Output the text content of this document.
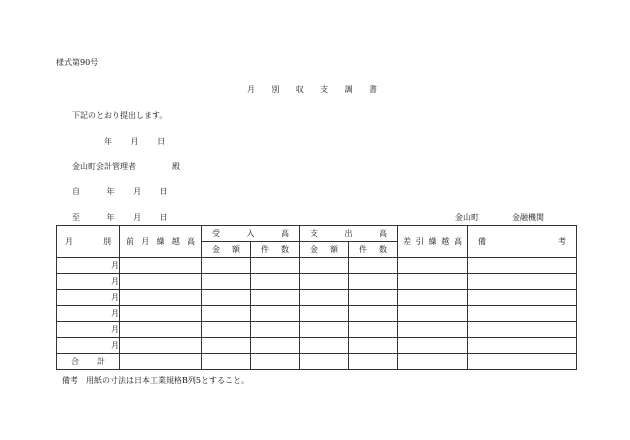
様式第90号
月 別 収 支 調 書
下記のとおり提出します。
年 月 日
金山町会計管理者	殿
自	年 月 日
至	年 月 日	金山町	金融機関
月 別	前 月 繰 越 高	受 入 高		支 出 高		差 引 繰 越 高	備 考

		金 額	件 数	金 額	件 数		

月							
月							
月							
月							
月							
月							

合 計							

備考　用紙の寸法は日本工業規格B列5とすること。
